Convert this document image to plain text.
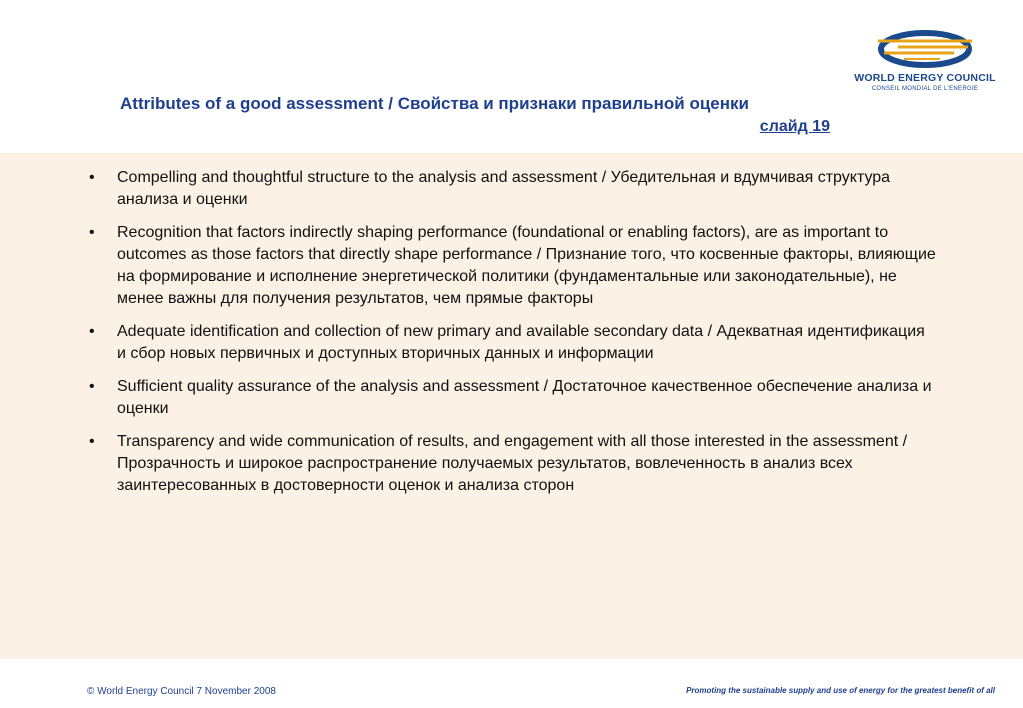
Attributes of a good assessment / Свойства и признаки правильной оценки
слайд 19
WORLD ENERGY COUNCIL
CONSEIL MONDIAL DE L'ENERGIE
• Compelling and thoughtful structure to the analysis and assessment / Убедительная и вдумчивая структура анализа и оценки
• Recognition that factors indirectly shaping performance (foundational or enabling factors), are as important to outcomes as those factors that directly shape performance / Признание того, что косвенные факторы, влияющие на формирование и исполнение энергетической политики (фундаментальные или законодательные), не менее важны для получения результатов, чем прямые факторы
• Adequate identification and collection of new primary and available secondary data / Адекватная идентификация и сбор новых первичных и доступных вторичных данных и информации
• Sufficient quality assurance of the analysis and assessment / Достаточное качественное обеспечение анализа и оценки
• Transparency and wide communication of results, and engagement with all those interested in the assessment / Прозрачность и широкое распространение получаемых результатов, вовлеченность в анализ всех заинтересованных в достоверности оценок и анализа сторон
© World Energy Council 7 November 2008	Promoting the sustainable supply and use of energy for the greatest benefit of all
